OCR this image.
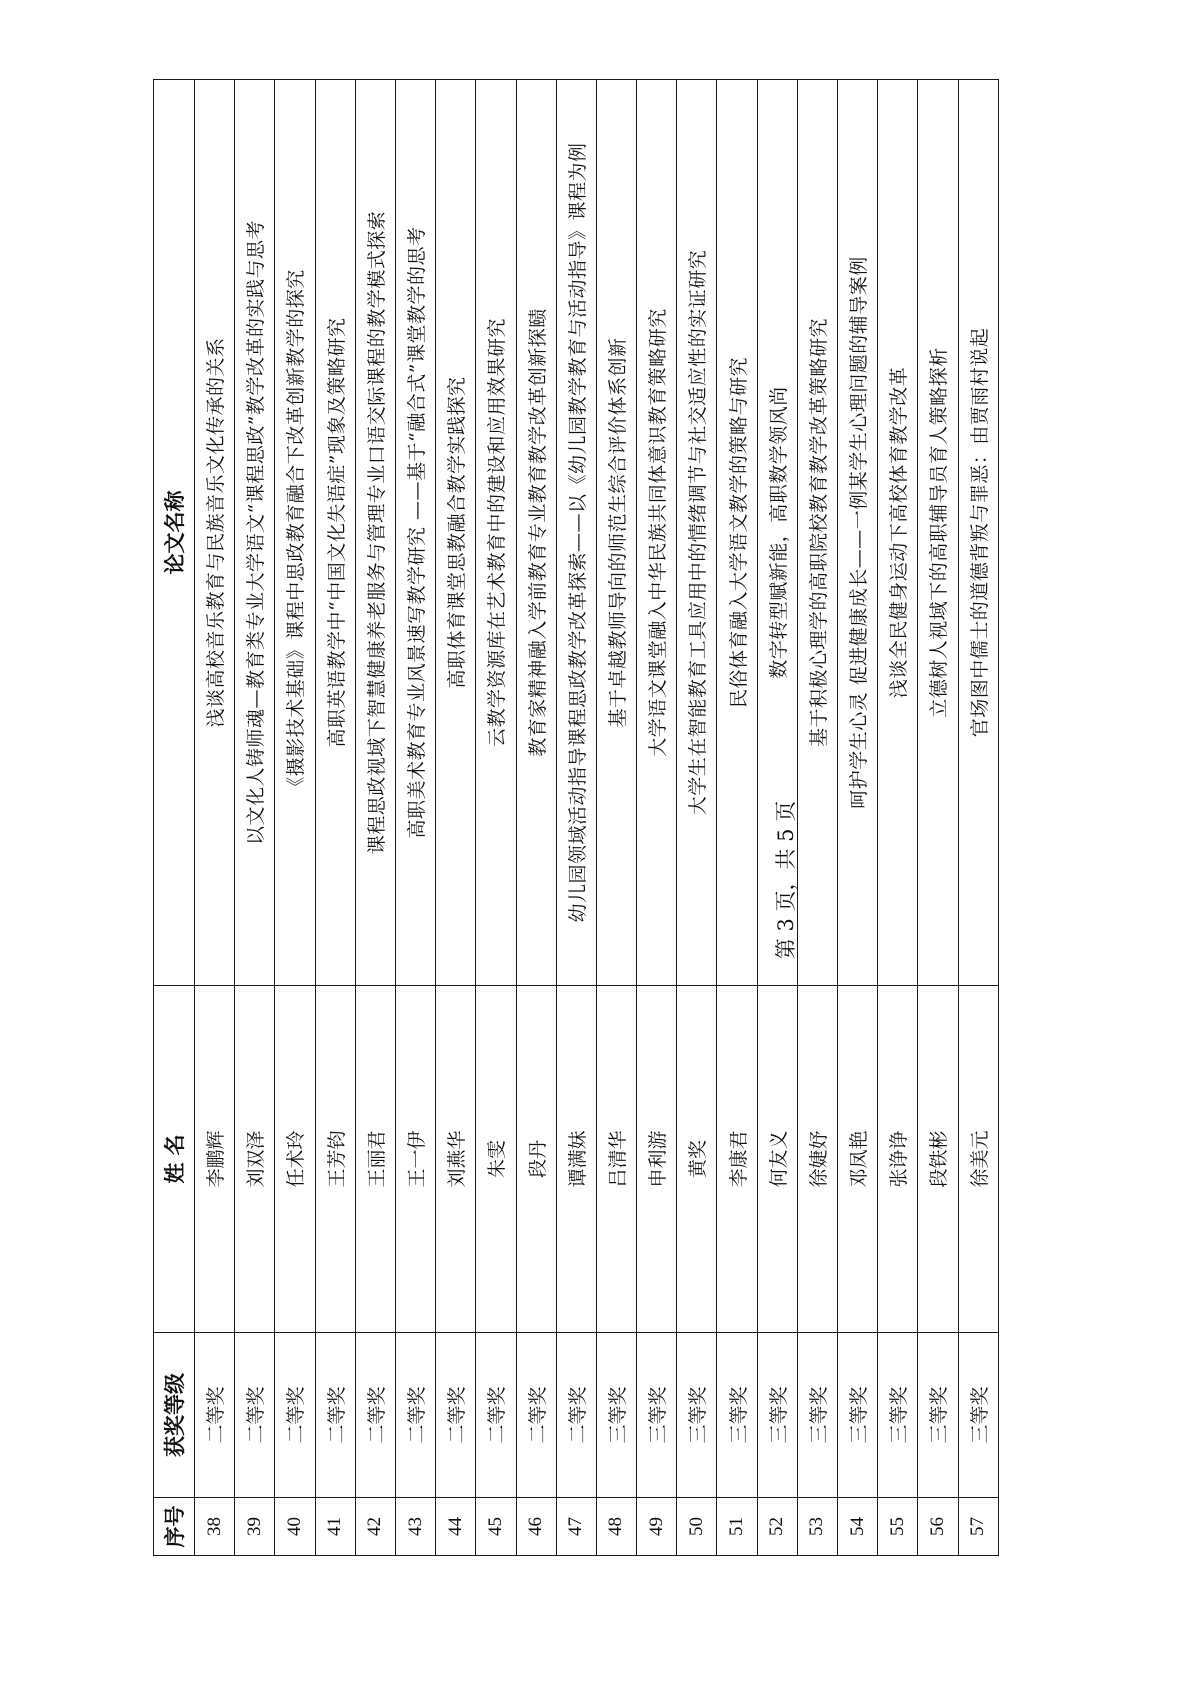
序号	获奖等级	姓 名	论文名称
38	二等奖	李鹏辉	浅谈高校音乐教育与民族音乐文化传承的关系
39	二等奖	刘双泽	以文化人铸师魂—教育类专业大学语文“课程思政”教学改革的实践与思考
40	二等奖	任术玲	《摄影技术基础》课程中思政教育融合下改革创新教学的探究
41	二等奖	王芳钧	高职英语教学中“中国文化失语症”现象及策略研究
42	二等奖	王丽君	课程思政视域下智慧健康养老服务与管理专业口语交际课程的教学模式探索
43	二等奖	王一伊	高职美术教育专业风景速写教学研究 ——基于“融合式”课堂教学的思考
44	二等奖	刘燕华	高职体育课堂思教融合教学实践探究
45	二等奖	朱雯	云教学资源库在艺术教育中的建设和应用效果研究
46	二等奖	段丹	教育家精神融入学前教育专业教育教学改革创新探赜
47	二等奖	谭满妹	幼儿园领域活动指导课程思政教学改革探索——以《幼儿园教学教育与活动指导》课程为例
48	三等奖	吕清华	基于卓越教师导向的师范生综合评价体系创新
49	三等奖	申利游	大学语文课堂融入中华民族共同体意识教育策略研究
50	三等奖	黄奖	大学生在智能教育工具应用中的情绪调节与社交适应性的实证研究
51	三等奖	李康君	民俗体育融入大学语文教学的策略与研究
52	三等奖	何友义	数字转型赋新能，高职数学领风尚
53	三等奖	徐婕妤	基于积极心理学的高职院校教育教学改革策略研究
54	三等奖	邓凤艳	呵护学生心灵 促进健康成长——一例某学生心理问题的辅导案例
55	三等奖	张诤诤	浅谈全民健身运动下高校体育教学改革
56	三等奖	段铁彬	立德树人视域下的高职辅导员育人策略探析
57	三等奖	徐美元	官场图中儒士的道德背叛与罪恶：由贾雨村说起
第 3 页，共 5 页
